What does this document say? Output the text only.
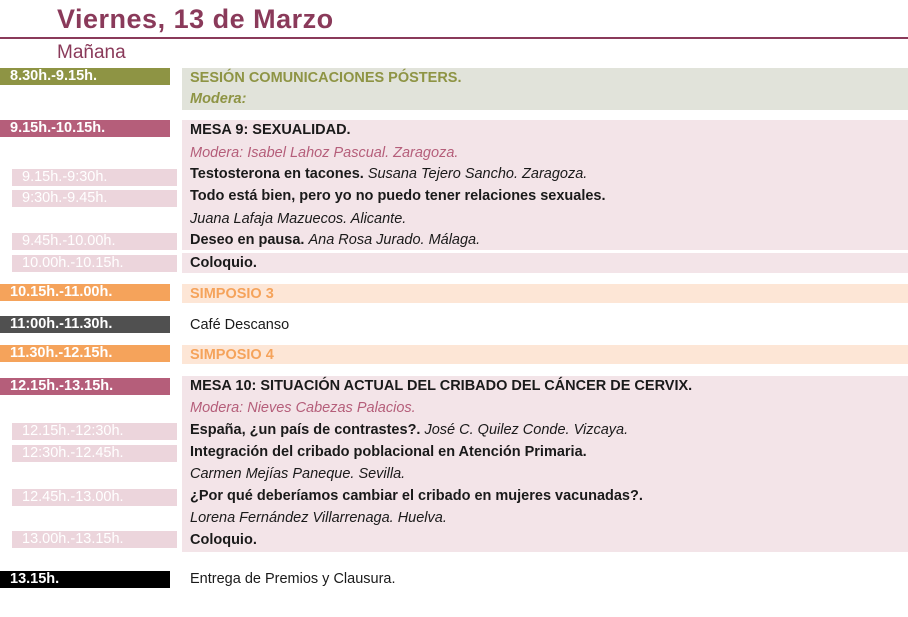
Viernes, 13 de Marzo
Mañana
8.30h.-9.15h.	SESIÓN COMUNICACIONES PÓSTERS.
Modera:
9.15h.-10.15h.	MESA 9: SEXUALIDAD.
Modera: Isabel Lahoz Pascual. Zaragoza.
9.15h.-9:30h.	Testosterona en tacones. Susana Tejero Sancho. Zaragoza.
9:30h.-9.45h.	Todo está bien, pero yo no puedo tener relaciones sexuales.
Juana Lafaja Mazuecos. Alicante.
9.45h.-10.00h.	Deseo en pausa. Ana Rosa Jurado. Málaga.
10.00h.-10.15h.	Coloquio.
10.15h.-11.00h.	SIMPOSIO 3
11:00h.-11.30h.	Café Descanso
11.30h.-12.15h.	SIMPOSIO 4
12.15h.-13.15h.	MESA 10: SITUACIÓN ACTUAL DEL CRIBADO DEL CÁNCER DE CERVIX.
Modera: Nieves Cabezas Palacios.
12.15h.-12:30h.	España, ¿un país de contrastes?. José C. Quilez Conde. Vizcaya.
12:30h.-12.45h.	Integración del cribado poblacional en Atención Primaria.
Carmen Mejías Paneque. Sevilla.
12.45h.-13.00h.	¿Por qué deberíamos cambiar el cribado en mujeres vacunadas?.
Lorena Fernández Villarrenaga. Huelva.
13.00h.-13.15h.	Coloquio.
13.15h.	Entrega de Premios y Clausura.
